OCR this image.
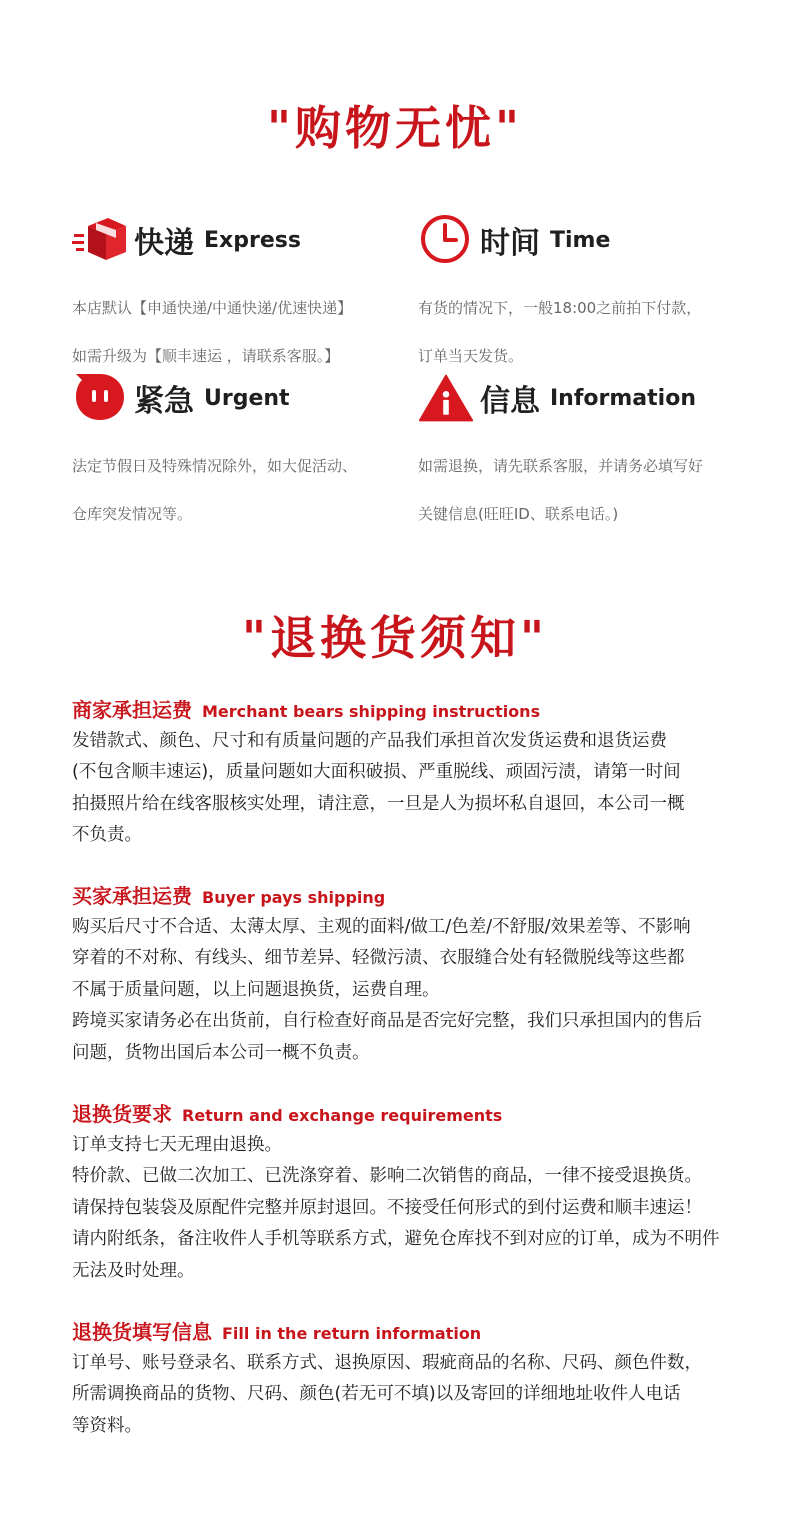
"购物无忧"
快递 Express

本店默认【申通快递/中通快递/优速快递】

如需升级为【顺丰速运 ，请联系客服。】

时间 Time

有货的情况下，一般18:00之前拍下付款，

订单当天发货。

紧急 Urgent

法定节假日及特殊情况除外，如大促活动、

仓库突发情况等。

信息 Information

如需退换，请先联系客服，并请务必填写好

关键信息(旺旺ID、联系电话。)

"退换货须知"
商家承担运费 Merchant bears shipping instructions

发错款式、颜色、尺寸和有质量问题的产品我们承担首次发货运费和退货运费

(不包含顺丰速运)，质量问题如大面积破损、严重脱线、顽固污渍，请第一时间

拍摄照片给在线客服核实处理，请注意，一旦是人为损坏私自退回，本公司一概

不负责。

买家承担运费 Buyer pays shipping

购买后尺寸不合适、太薄太厚、主观的面料/做工/色差/不舒服/效果差等、不影响

穿着的不对称、有线头、细节差异、轻微污渍、衣服缝合处有轻微脱线等这些都

不属于质量问题，以上问题退换货，运费自理。

跨境买家请务必在出货前，自行检查好商品是否完好完整，我们只承担国内的售后

问题，货物出国后本公司一概不负责。

退换货要求 Return and exchange requirements

订单支持七天无理由退换。

特价款、已做二次加工、已洗涤穿着、影响二次销售的商品，一律不接受退换货。

请保持包装袋及原配件完整并原封退回。不接受任何形式的到付运费和顺丰速运！

请内附纸条，备注收件人手机等联系方式，避免仓库找不到对应的订单，成为不明件

无法及时处理。

退换货填写信息 Fill in the return information

订单号、账号登录名、联系方式、退换原因、瑕疵商品的名称、尺码、颜色件数，

所需调换商品的货物、尺码、颜色(若无可不填)以及寄回的详细地址收件人电话

等资料。
